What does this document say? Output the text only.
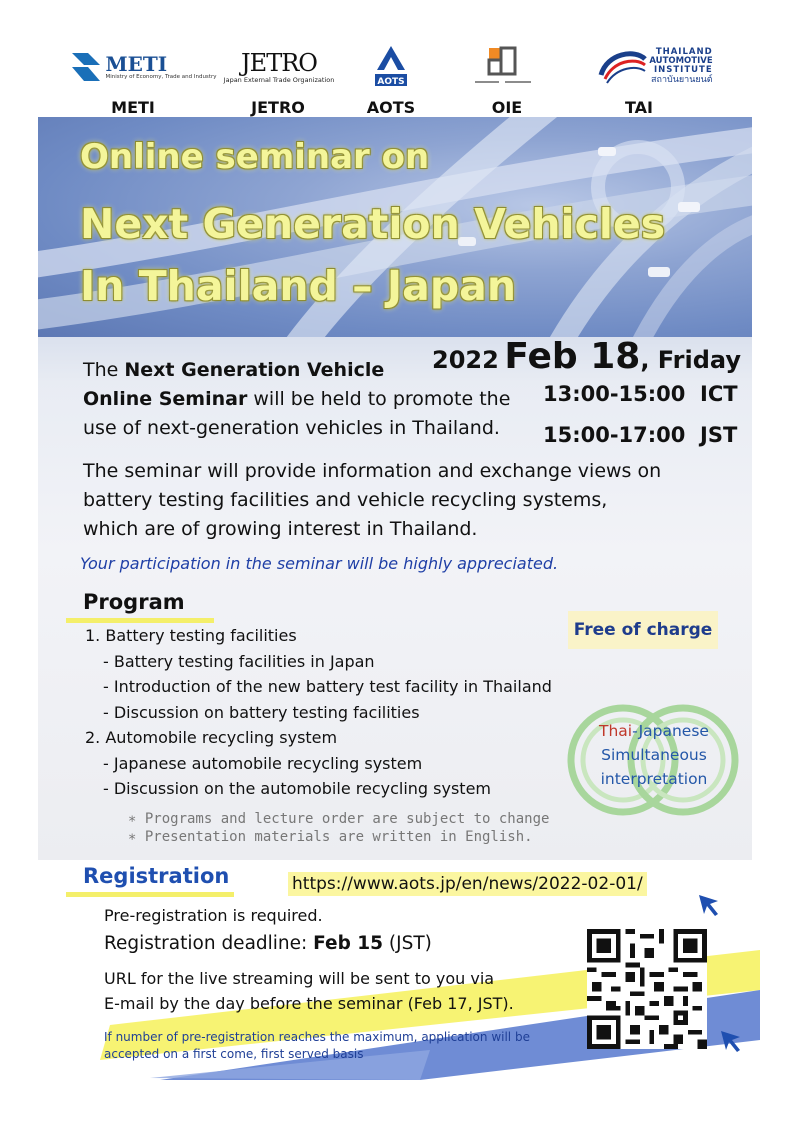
METI
Ministry of Economy, Trade and Industry
METI
JETRO
Japan External Trade Organization
JETRO
AOTS
AOTS	OIE
THAILAND
AUTOMOTIVE
INSTITUTE
สถาบันยานยนต์
TAI
Online seminar on
Next Generation Vehicles
In Thailand – Japan
2022 Feb 18, Friday
13:00-15:00  ICT
15:00-17:00  JST
The Next Generation Vehicle
Online Seminar will be held to promote the
use of next-generation vehicles in Thailand.
The seminar will provide information and exchange views on
battery testing facilities and vehicle recycling systems,
which are of growing interest in Thailand.
Your participation in the seminar will be highly appreciated.
Program
1. Battery testing facilities
- Battery testing facilities in Japan
- Introduction of the new battery test facility in Thailand
- Discussion on battery testing facilities
2. Automobile recycling system
- Japanese automobile recycling system
- Discussion on the automobile recycling system
∗ Programs and lecture order are subject to change
∗ Presentation materials are written in English.
Free of charge
Thai-Japanese
Simultaneous
interpretation
Registration	https://www.aots.jp/en/news/2022-02-01/
Pre-registration is required.
Registration deadline: Feb 15 (JST)
URL for the live streaming will be sent to you via
E-mail by the day before the seminar (Feb 17, JST).
If number of pre-registration reaches the maximum, application will be
accepted on a first come, first served basis
